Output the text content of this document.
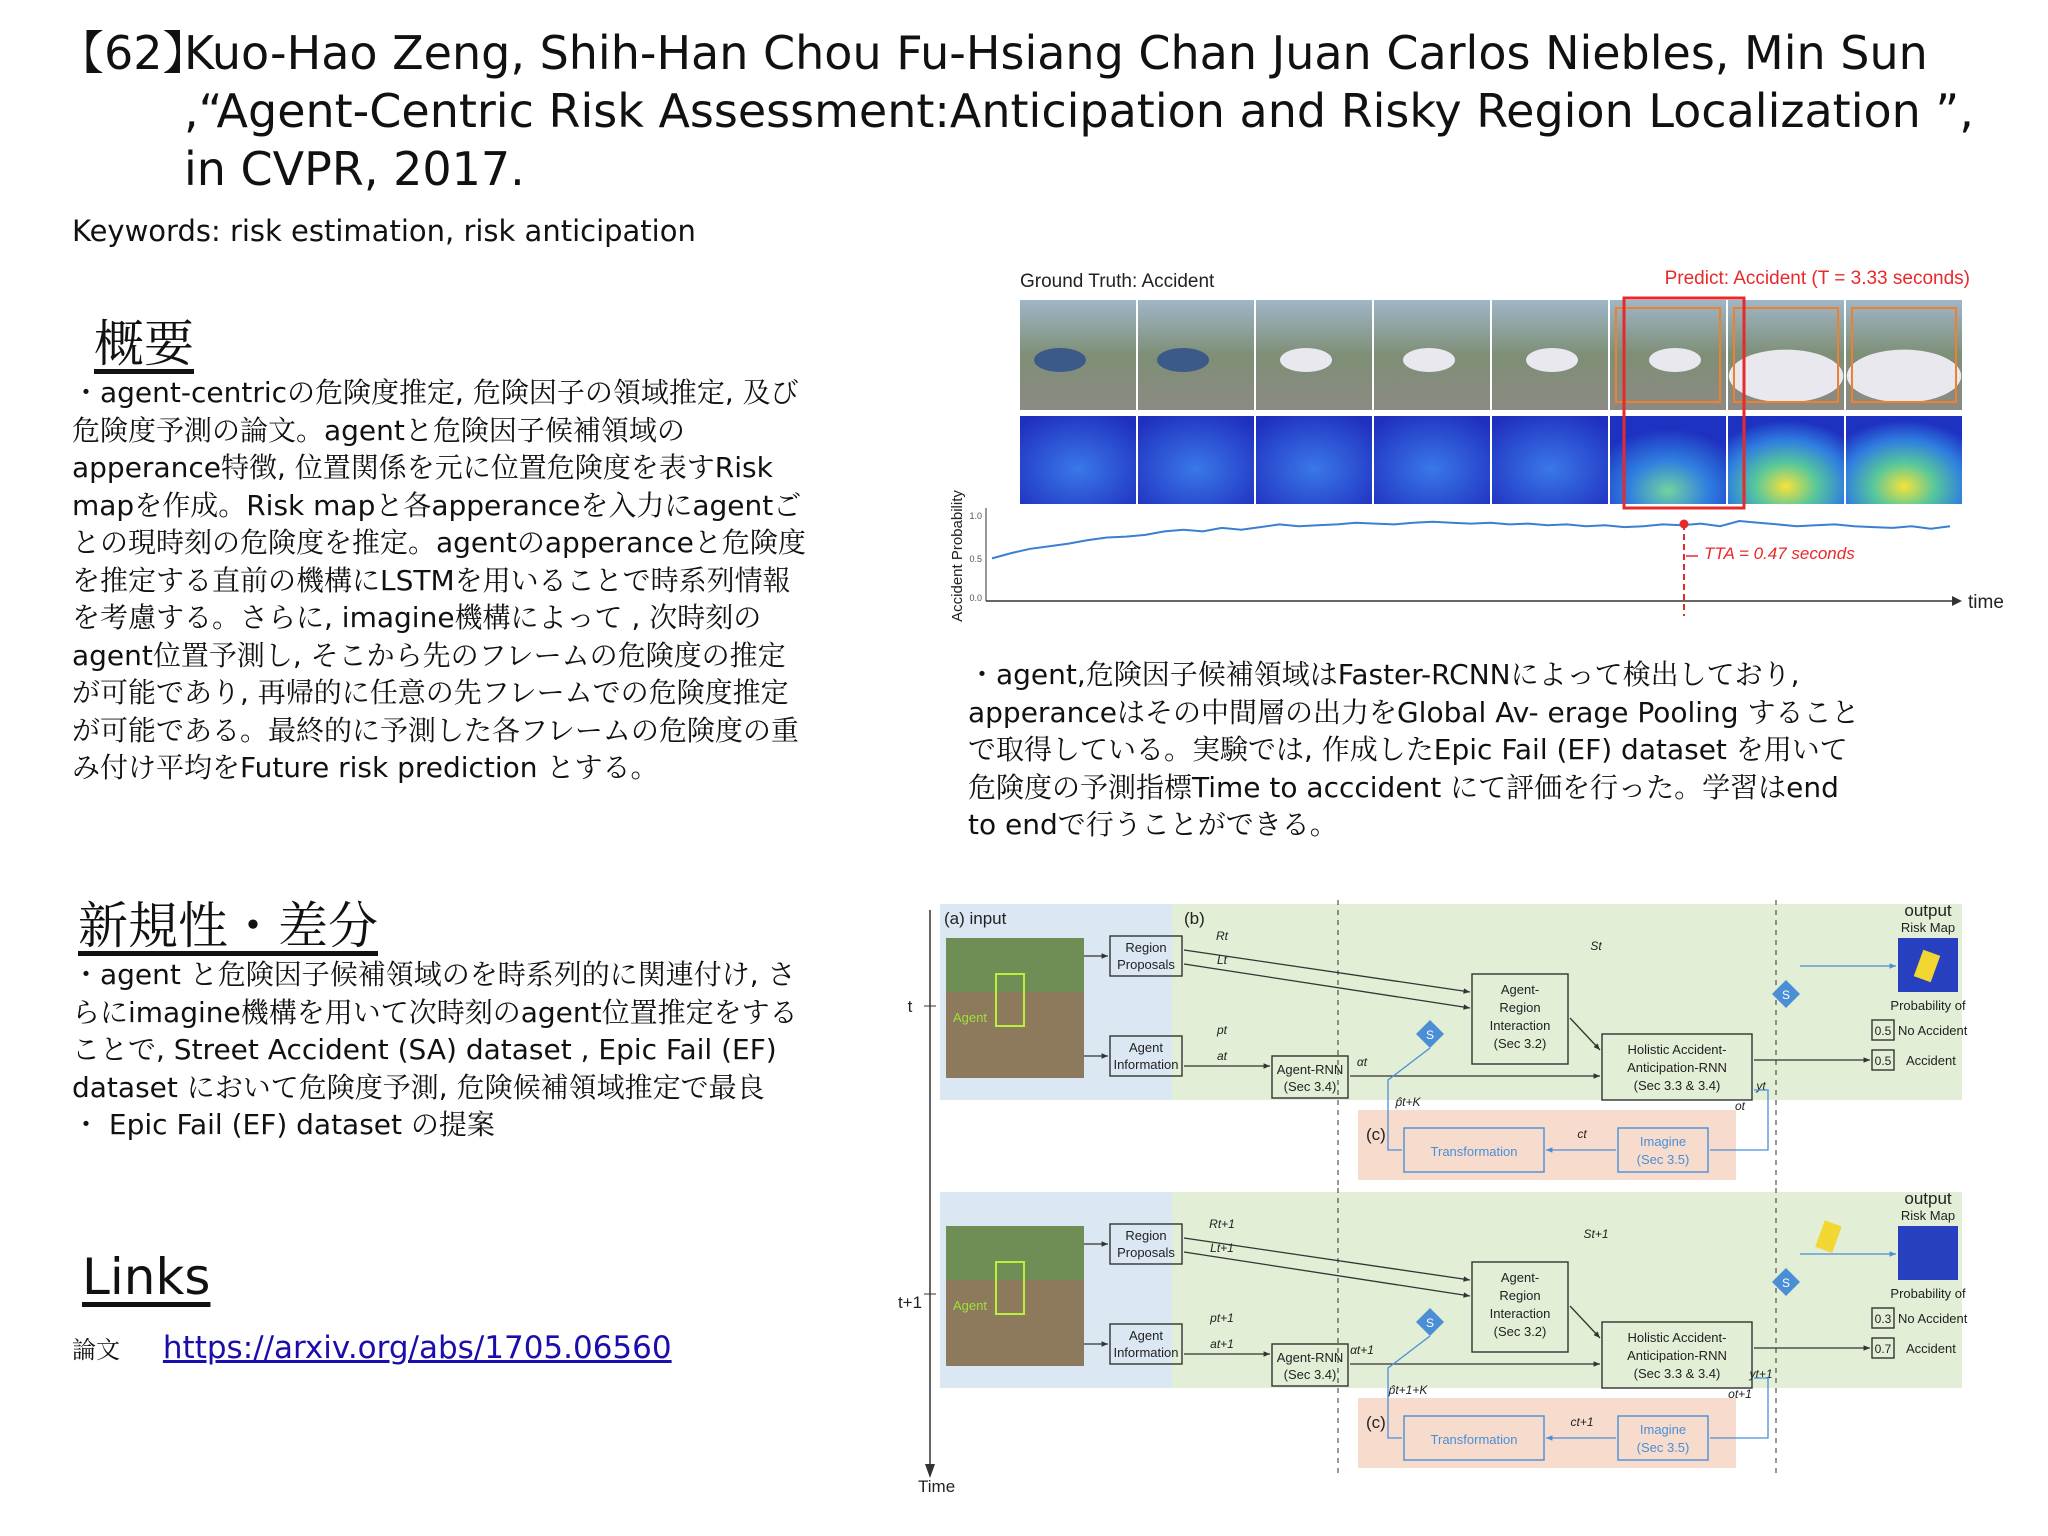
【62】
Kuo-Hao Zeng, Shih-Han Chou Fu-Hsiang Chan Juan Carlos Niebles, Min Sun ,“Agent-Centric Risk Assessment:Anticipation and Risky Region Localization ”, in CVPR, 2017.
Keywords: risk estimation, risk anticipation
概要
・agent-centricの危険度推定, 危険因子の領域推定, 及び
危険度予測の論文。agentと危険因子候補領域の
apperance特徴, 位置関係を元に位置危険度を表すRisk
mapを作成。Risk mapと各apperanceを入力にagentご
との現時刻の危険度を推定。agentのapperanceと危険度
を推定する直前の機構にLSTMを用いることで時系列情報
を考慮する。さらに, imagine機構によって , 次時刻の
agent位置予測し, そこから先のフレームの危険度の推定
が可能であり, 再帰的に任意の先フレームでの危険度推定
が可能である。最終的に予測した各フレームの危険度の重
み付け平均をFuture risk prediction とする。
・agent,危険因子候補領域はFaster-RCNNによって検出しており,
apperanceはその中間層の出力をGlobal Av- erage Pooling すること
で取得している。実験では, 作成したEpic Fail (EF) dataset を用いて
危険度の予測指標Time to acccident にて評価を行った。学習はend
to endで行うことができる。
新規性・差分
・agent と危険因子候補領域のを時系列的に関連付け, さ
らにimagine機構を用いて次時刻のagent位置推定をする
ことで, Street Accident (SA) dataset , Epic Fail (EF)
dataset において危険度予測, 危険候補領域推定で最良
・ Epic Fail (EF) dataset の提案
Links
論文 https://arxiv.org/abs/1705.06560
Ground Truth: Accident	Predict: Accident (T = 3.33 seconds)
time
1.0
0.5
0.0
Accident Probability	TTA = 0.47 seconds
(a) input	(b)
(c)
t
Agent
Region
Proposals
Agent
Information
Rt
Lt
pt
at
Agent-
Region
Interaction
(Sec 3.2)
St
Agent-RNN
(Sec 3.4)
αt
S
S
Holistic Accident-
Anticipation-RNN
(Sec 3.3 & 3.4)	yt
ot
output
Risk Map
Probability of
0.5 No Accident
0.5 Accident
Transformation
Imagine
(Sec 3.5)
ct
p̂t+K
(c)
t+1 Agent
Region
Proposals
Agent
Information
Rt+1
Lt+1
pt+1
at+1
Agent-
Region
Interaction
(Sec 3.2)
St+1
Agent-RNN
(Sec 3.4)
αt+1
S
S
Holistic Accident-
Anticipation-RNN
(Sec 3.3 & 3.4) yt+1
ot+1
output
Risk Map
Probability of
0.3 No Accident
0.7 Accident
Transformation
Imagine
(Sec 3.5)
ct+1
p̂t+1+K
Time
